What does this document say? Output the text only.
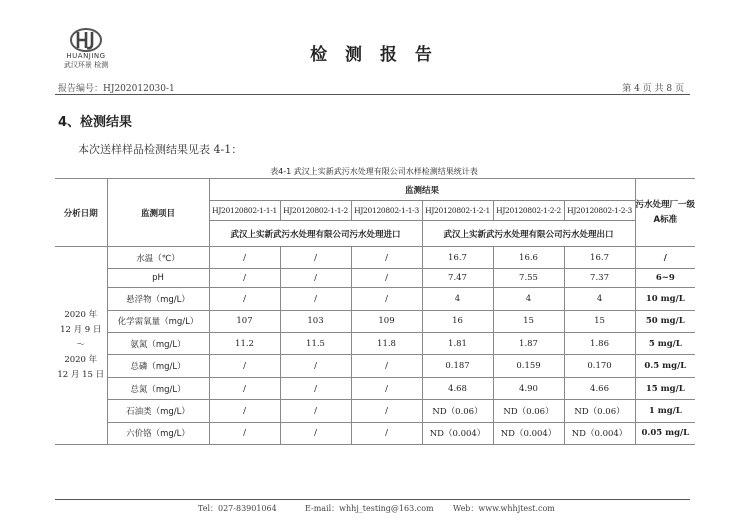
HUANJING
武汉环景 检测	检 测 报 告
报告编号：HJ202012030-1	第 4 页 共 8 页
4、检测结果
本次送样样品检测结果见表 4-1：
表4-1 武汉上实新武污水处理有限公司水样检测结果统计表
分析日期	监测项目	监测结果						污水处理厂一级A标准
		HJ20120802-1-1-1	HJ20120802-1-1-2	HJ20120802-1-1-3	HJ20120802-1-2-1	HJ20120802-1-2-2	HJ20120802-1-2-3	
		武汉上实新武污水处理有限公司污水处理进口			武汉上实新武污水处理有限公司污水处理出口			
2020 年
12 月 9 日
～
2020 年
12 月 15 日	水温（℃）	/	/	/	16.7	16.6	16.7	/
	pH	/	/	/	7.47	7.55	7.37	6~9
	悬浮物（mg/L）	/	/	/	4	4	4	10 mg/L
	化学需氧量（mg/L）	107	103	109	16	15	15	50 mg/L
	氨氮（mg/L）	11.2	11.5	11.8	1.81	1.87	1.86	5 mg/L
	总磷（mg/L）	/	/	/	0.187	0.159	0.170	0.5 mg/L
	总氮（mg/L）	/	/	/	4.68	4.90	4.66	15 mg/L
	石油类（mg/L）	/	/	/	ND（0.06）	ND（0.06）	ND（0.06）	1 mg/L
	六价铬（mg/L）	/	/	/	ND（0.004）	ND（0.004）	ND（0.004）	0.05 mg/L
Tel：027-83901064	E-mail：whhj_testing@163.com Web：www.whhjtest.com
